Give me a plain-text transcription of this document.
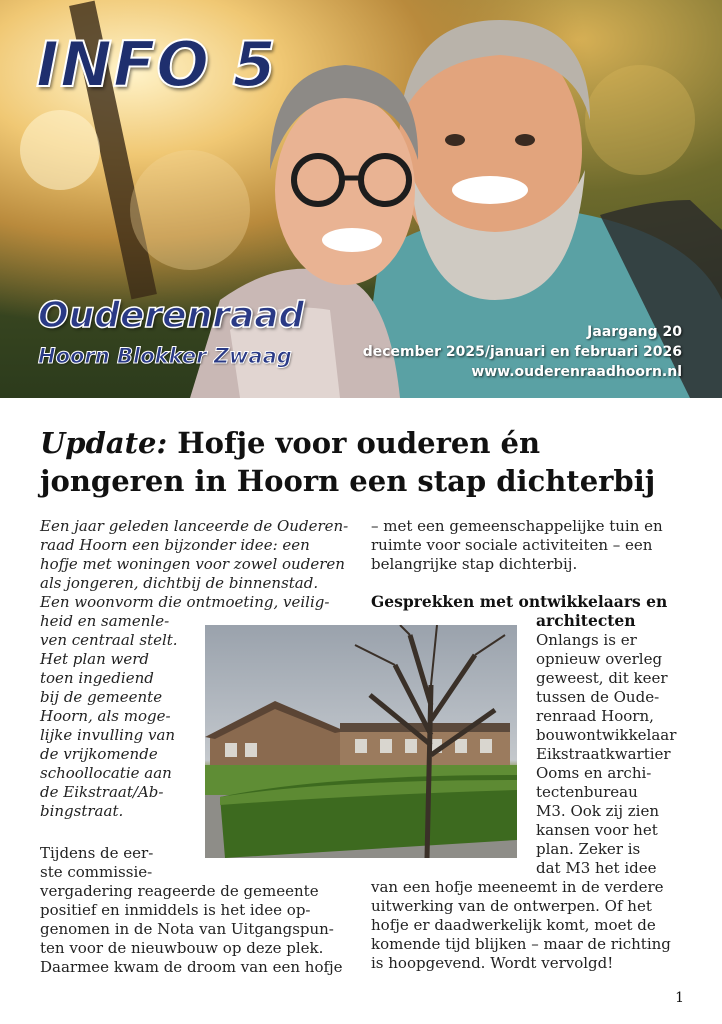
INFO 5
Ouderenraad
Hoorn Blokker Zwaag
Jaargang 20
december 2025/januari en februari 2026
www.ouderenraadhoorn.nl
Update: Hofje voor ouderen én jongeren in Hoorn een stap dichterbij
Een jaar geleden lanceerde de Ouderen-
raad Hoorn een bijzonder idee: een
hofje met woningen voor zowel ouderen
als jongeren, dichtbij de binnenstad.
Een woonvorm die ontmoeting, veilig-
heid en samenle-
ven centraal stelt.
Het plan werd
toen ingediend
bij de gemeente
Hoorn, als moge-
lijke invulling van
de vrijkomende
schoollocatie aan
de Eikstraat/Ab-
bingstraat.
Tijdens de eer-
ste commissie-
vergadering reageerde de gemeente
positief en inmiddels is het idee op-
genomen in de Nota van Uitgangspun-
ten voor de nieuwbouw op deze plek.
Daarmee kwam de droom van een hofje
– met een gemeenschappelijke tuin en
ruimte voor sociale activiteiten – een
belangrijke stap dichterbij.
Gesprekken met ontwikkelaars en
architecten
Onlangs is er
opnieuw overleg
geweest, dit keer
tussen de Oude-
renraad Hoorn,
bouwontwikkelaar
Eikstraatkwartier
Ooms en archi-
tectenbureau
M3. Ook zij zien
kansen voor het
plan. Zeker is
dat M3 het idee
van een hofje meeneemt in de verdere
uitwerking van de ontwerpen. Of het
hofje er daadwerkelijk komt, moet de
komende tijd blijken – maar de richting
is hoopgevend. Wordt vervolgd!
1
